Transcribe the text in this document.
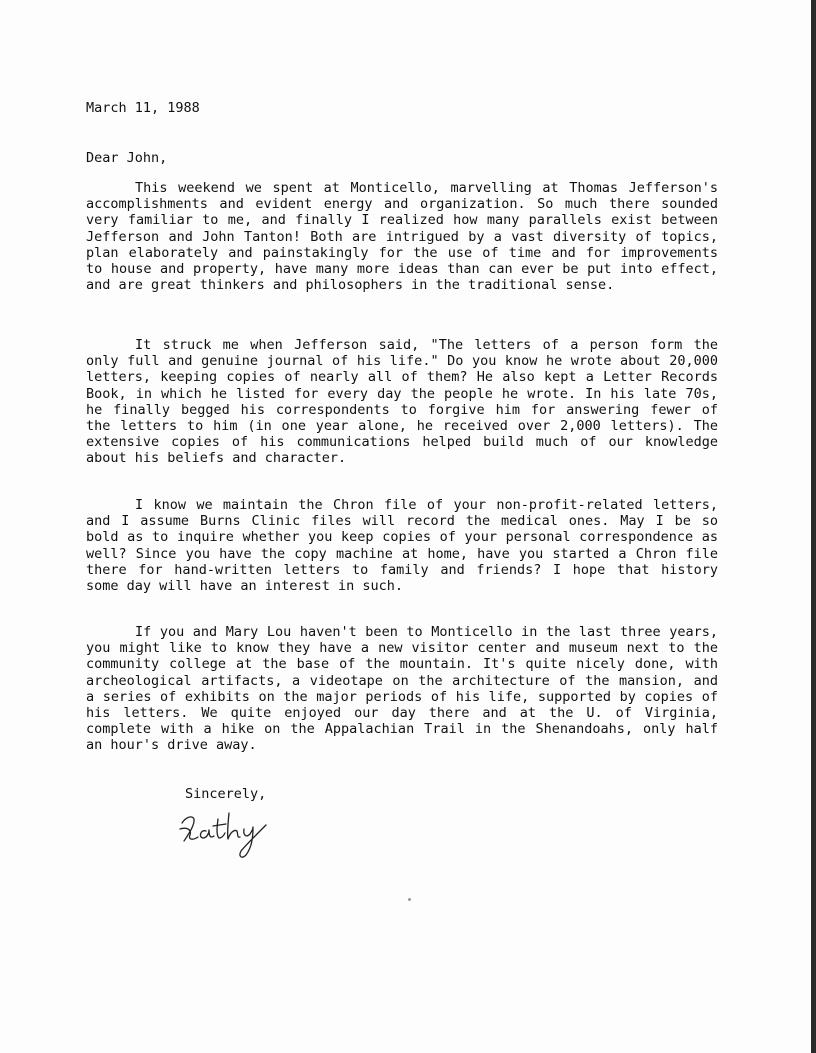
March 11, 1988

Dear John,

This weekend we spent at Monticello, marvelling at Thomas Jefferson's accomplishments and evident energy and organization. So much there sounded very familiar to me, and finally I realized how many parallels exist between Jefferson and John Tanton! Both are intrigued by a vast diversity of topics, plan elaborately and painstakingly for the use of time and for improvements to house and property, have many more ideas than can ever be put into effect, and are great thinkers and philosophers in the traditional sense.

It struck me when Jefferson said, "The letters of a person form the only full and genuine journal of his life." Do you know he wrote about 20,000 letters, keeping copies of nearly all of them? He also kept a Letter Records Book, in which he listed for every day the people he wrote. In his late 70s, he finally begged his correspondents to forgive him for answering fewer of the letters to him (in one year alone, he received over 2,000 letters). The extensive copies of his communications helped build much of our knowledge about his beliefs and character.

I know we maintain the Chron file of your non-profit-related letters, and I assume Burns Clinic files will record the medical ones. May I be so bold as to inquire whether you keep copies of your personal correspondence as well? Since you have the copy machine at home, have you started a Chron file there for hand-written letters to family and friends? I hope that history some day will have an interest in such.

If you and Mary Lou haven't been to Monticello in the last three years, you might like to know they have a new visitor center and museum next to the community college at the base of the mountain. It's quite nicely done, with archeological artifacts, a videotape on the architecture of the mansion, and a series of exhibits on the major periods of his life, supported by copies of his letters. We quite enjoyed our day there and at the U. of Virginia, complete with a hike on the Appalachian Trail in the Shenandoahs, only half an hour's drive away.

Sincerely,
